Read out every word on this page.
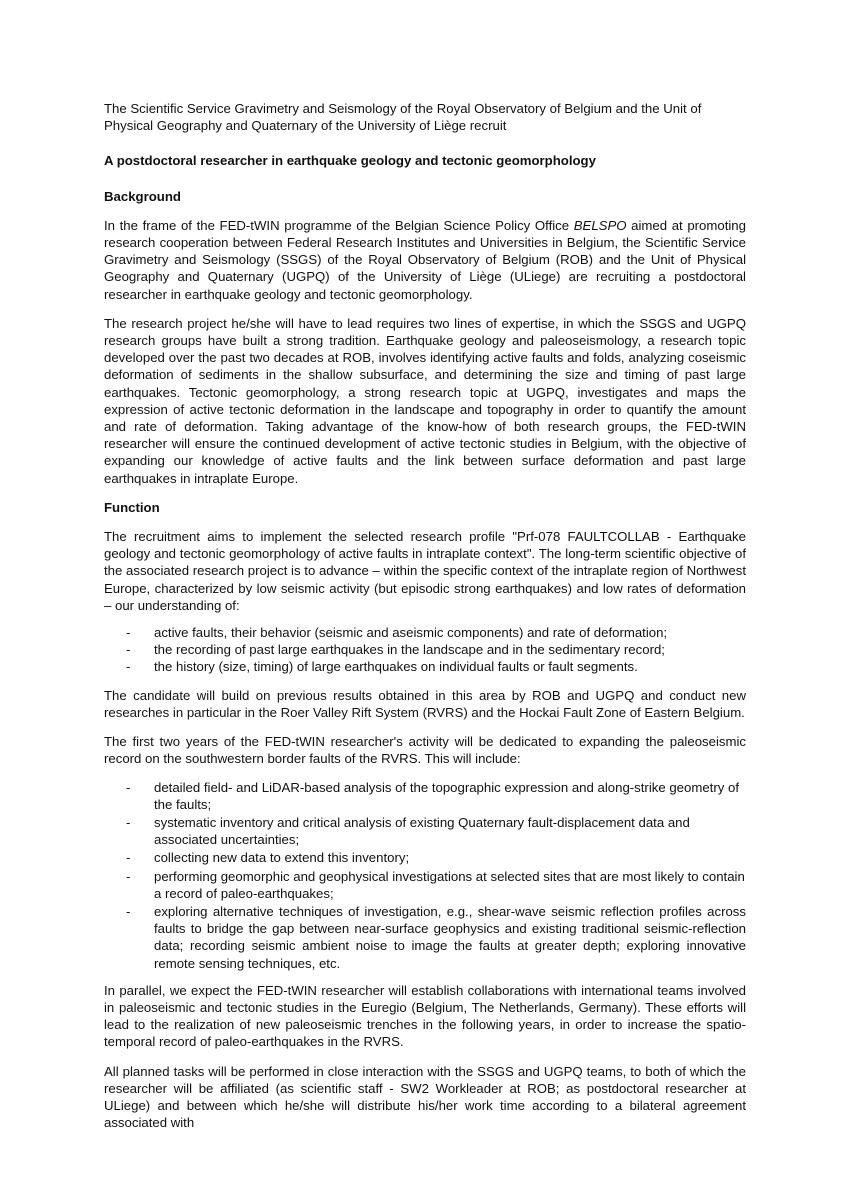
The Scientific Service Gravimetry and Seismology of the Royal Observatory of Belgium and the Unit of Physical Geography and Quaternary of the University of Liège recruit

A postdoctoral researcher in earthquake geology and tectonic geomorphology

Background

In the frame of the FED-tWIN programme of the Belgian Science Policy Office BELSPO aimed at promoting research cooperation between Federal Research Institutes and Universities in Belgium, the Scientific Service Gravimetry and Seismology (SSGS) of the Royal Observatory of Belgium (ROB) and the Unit of Physical Geography and Quaternary (UGPQ) of the University of Liège (ULiege) are recruiting a postdoctoral researcher in earthquake geology and tectonic geomorphology.

The research project he/she will have to lead requires two lines of expertise, in which the SSGS and UGPQ research groups have built a strong tradition. Earthquake geology and paleoseismology, a research topic developed over the past two decades at ROB, involves identifying active faults and folds, analyzing coseismic deformation of sediments in the shallow subsurface, and determining the size and timing of past large earthquakes. Tectonic geomorphology, a strong research topic at UGPQ, investigates and maps the expression of active tectonic deformation in the landscape and topography in order to quantify the amount and rate of deformation. Taking advantage of the know-how of both research groups, the FED-tWIN researcher will ensure the continued development of active tectonic studies in Belgium, with the objective of expanding our knowledge of active faults and the link between surface deformation and past large earthquakes in intraplate Europe.

Function

The recruitment aims to implement the selected research profile "Prf-078 FAULTCOLLAB - Earthquake geology and tectonic geomorphology of active faults in intraplate context". The long-term scientific objective of the associated research project is to advance – within the specific context of the intraplate region of Northwest Europe, characterized by low seismic activity (but episodic strong earthquakes) and low rates of deformation – our understanding of:

- active faults, their behavior (seismic and aseismic components) and rate of deformation;
- the recording of past large earthquakes in the landscape and in the sedimentary record;
- the history (size, timing) of large earthquakes on individual faults or fault segments.

The candidate will build on previous results obtained in this area by ROB and UGPQ and conduct new researches in particular in the Roer Valley Rift System (RVRS) and the Hockai Fault Zone of Eastern Belgium.

The first two years of the FED-tWIN researcher's activity will be dedicated to expanding the paleoseismic record on the southwestern border faults of the RVRS. This will include:

- detailed field- and LiDAR-based analysis of the topographic expression and along-strike geometry of the faults;
- systematic inventory and critical analysis of existing Quaternary fault-displacement data and associated uncertainties;
- collecting new data to extend this inventory;
- performing geomorphic and geophysical investigations at selected sites that are most likely to contain a record of paleo-earthquakes;
- exploring alternative techniques of investigation, e.g., shear-wave seismic reflection profiles across faults to bridge the gap between near-surface geophysics and existing traditional seismic-reflection data; recording seismic ambient noise to image the faults at greater depth; exploring innovative remote sensing techniques, etc.

In parallel, we expect the FED-tWIN researcher will establish collaborations with international teams involved in paleoseismic and tectonic studies in the Euregio (Belgium, The Netherlands, Germany). These efforts will lead to the realization of new paleoseismic trenches in the following years, in order to increase the spatio-temporal record of paleo-earthquakes in the RVRS.

All planned tasks will be performed in close interaction with the SSGS and UGPQ teams, to both of which the researcher will be affiliated (as scientific staff - SW2 Workleader at ROB; as postdoctoral researcher at ULiege) and between which he/she will distribute his/her work time according to a bilateral agreement associated with
